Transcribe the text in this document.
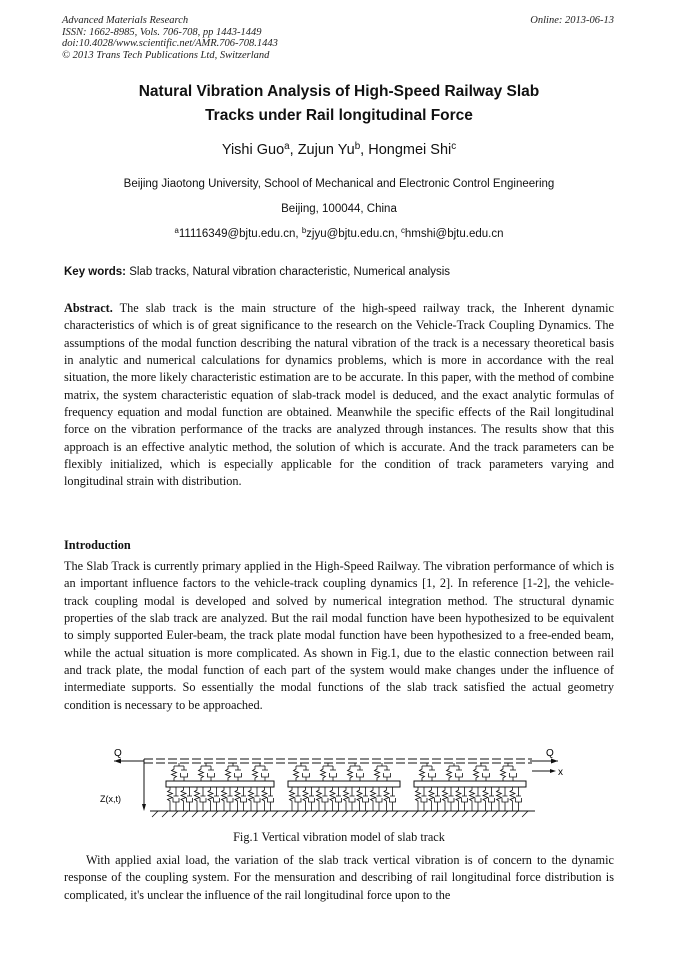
Advanced Materials Research
ISSN: 1662-8985, Vols. 706-708, pp 1443-1449
doi:10.4028/www.scientific.net/AMR.706-708.1443
© 2013 Trans Tech Publications Ltd, Switzerland
Online: 2013-06-13
Natural Vibration Analysis of High-Speed Railway Slab
Tracks under Rail longitudinal Force
Yishi Guo$^a$, Zujun Yu$^b$, Hongmei Shi$^c$
Beijing Jiaotong University, School of Mechanical and Electronic Control Engineering
Beijing, 100044, China
$^a$11116349@bjtu.edu.cn, $^b$zjyu@bjtu.edu.cn, $^c$hmshi@bjtu.edu.cn
Key words: Slab tracks, Natural vibration characteristic, Numerical analysis

Abstract. The slab track is the main structure of the high-speed railway track, the Inherent dynamic characteristics of which is of great significance to the research on the Vehicle-Track Coupling Dynamics. The assumptions of the modal function describing the natural vibration of the track is a necessary theoretical basis in analytic and numerical calculations for dynamics problems, which is more in accordance with the real situation, the more likely characteristic estimation are to be accurate. In this paper, with the method of combine matrix, the system characteristic equation of slab-track model is deduced, and the exact analytic formulas of frequency equation and modal function are obtained. Meanwhile the specific effects of the Rail longitudinal force on the vibration performance of the tracks are analyzed through instances. The results show that this approach is an effective analytic method, the solution of which is accurate. And the track parameters can be flexibly initialized, which is especially applicable for the condition of track parameters varying and longitudinal strain with distribution.

Introduction

The Slab Track is currently primary applied in the High-Speed Railway. The vibration performance of which is an important influence factors to the vehicle-track coupling dynamics [1, 2]. In reference [1-2], the vehicle-track coupling modal is developed and solved by numerical integration method. The structural dynamic properties of the slab track are analyzed. But the rail modal function have been hypothesized to be equivalent to simply supported Euler-beam, the track plate modal function have been hypothesized to a free-ended beam, while the actual situation is more complicated. As shown in Fig.1, due to the elastic connection between rail and track plate, the modal function of each part of the system would make changes under the influence of intermediate supports. So essentially the modal functions of the slab track satisfied the actual geometry condition is necessary to be approached.

Q	Q
x
Z(x,t)
Fig.1 Vertical vibration model of slab track

With applied axial load, the variation of the slab track vertical vibration is of concern to the dynamic response of the coupling system. For the mensuration and describing of rail longitudinal force distribution is complicated, it's unclear the influence of the rail longitudinal force upon to the
